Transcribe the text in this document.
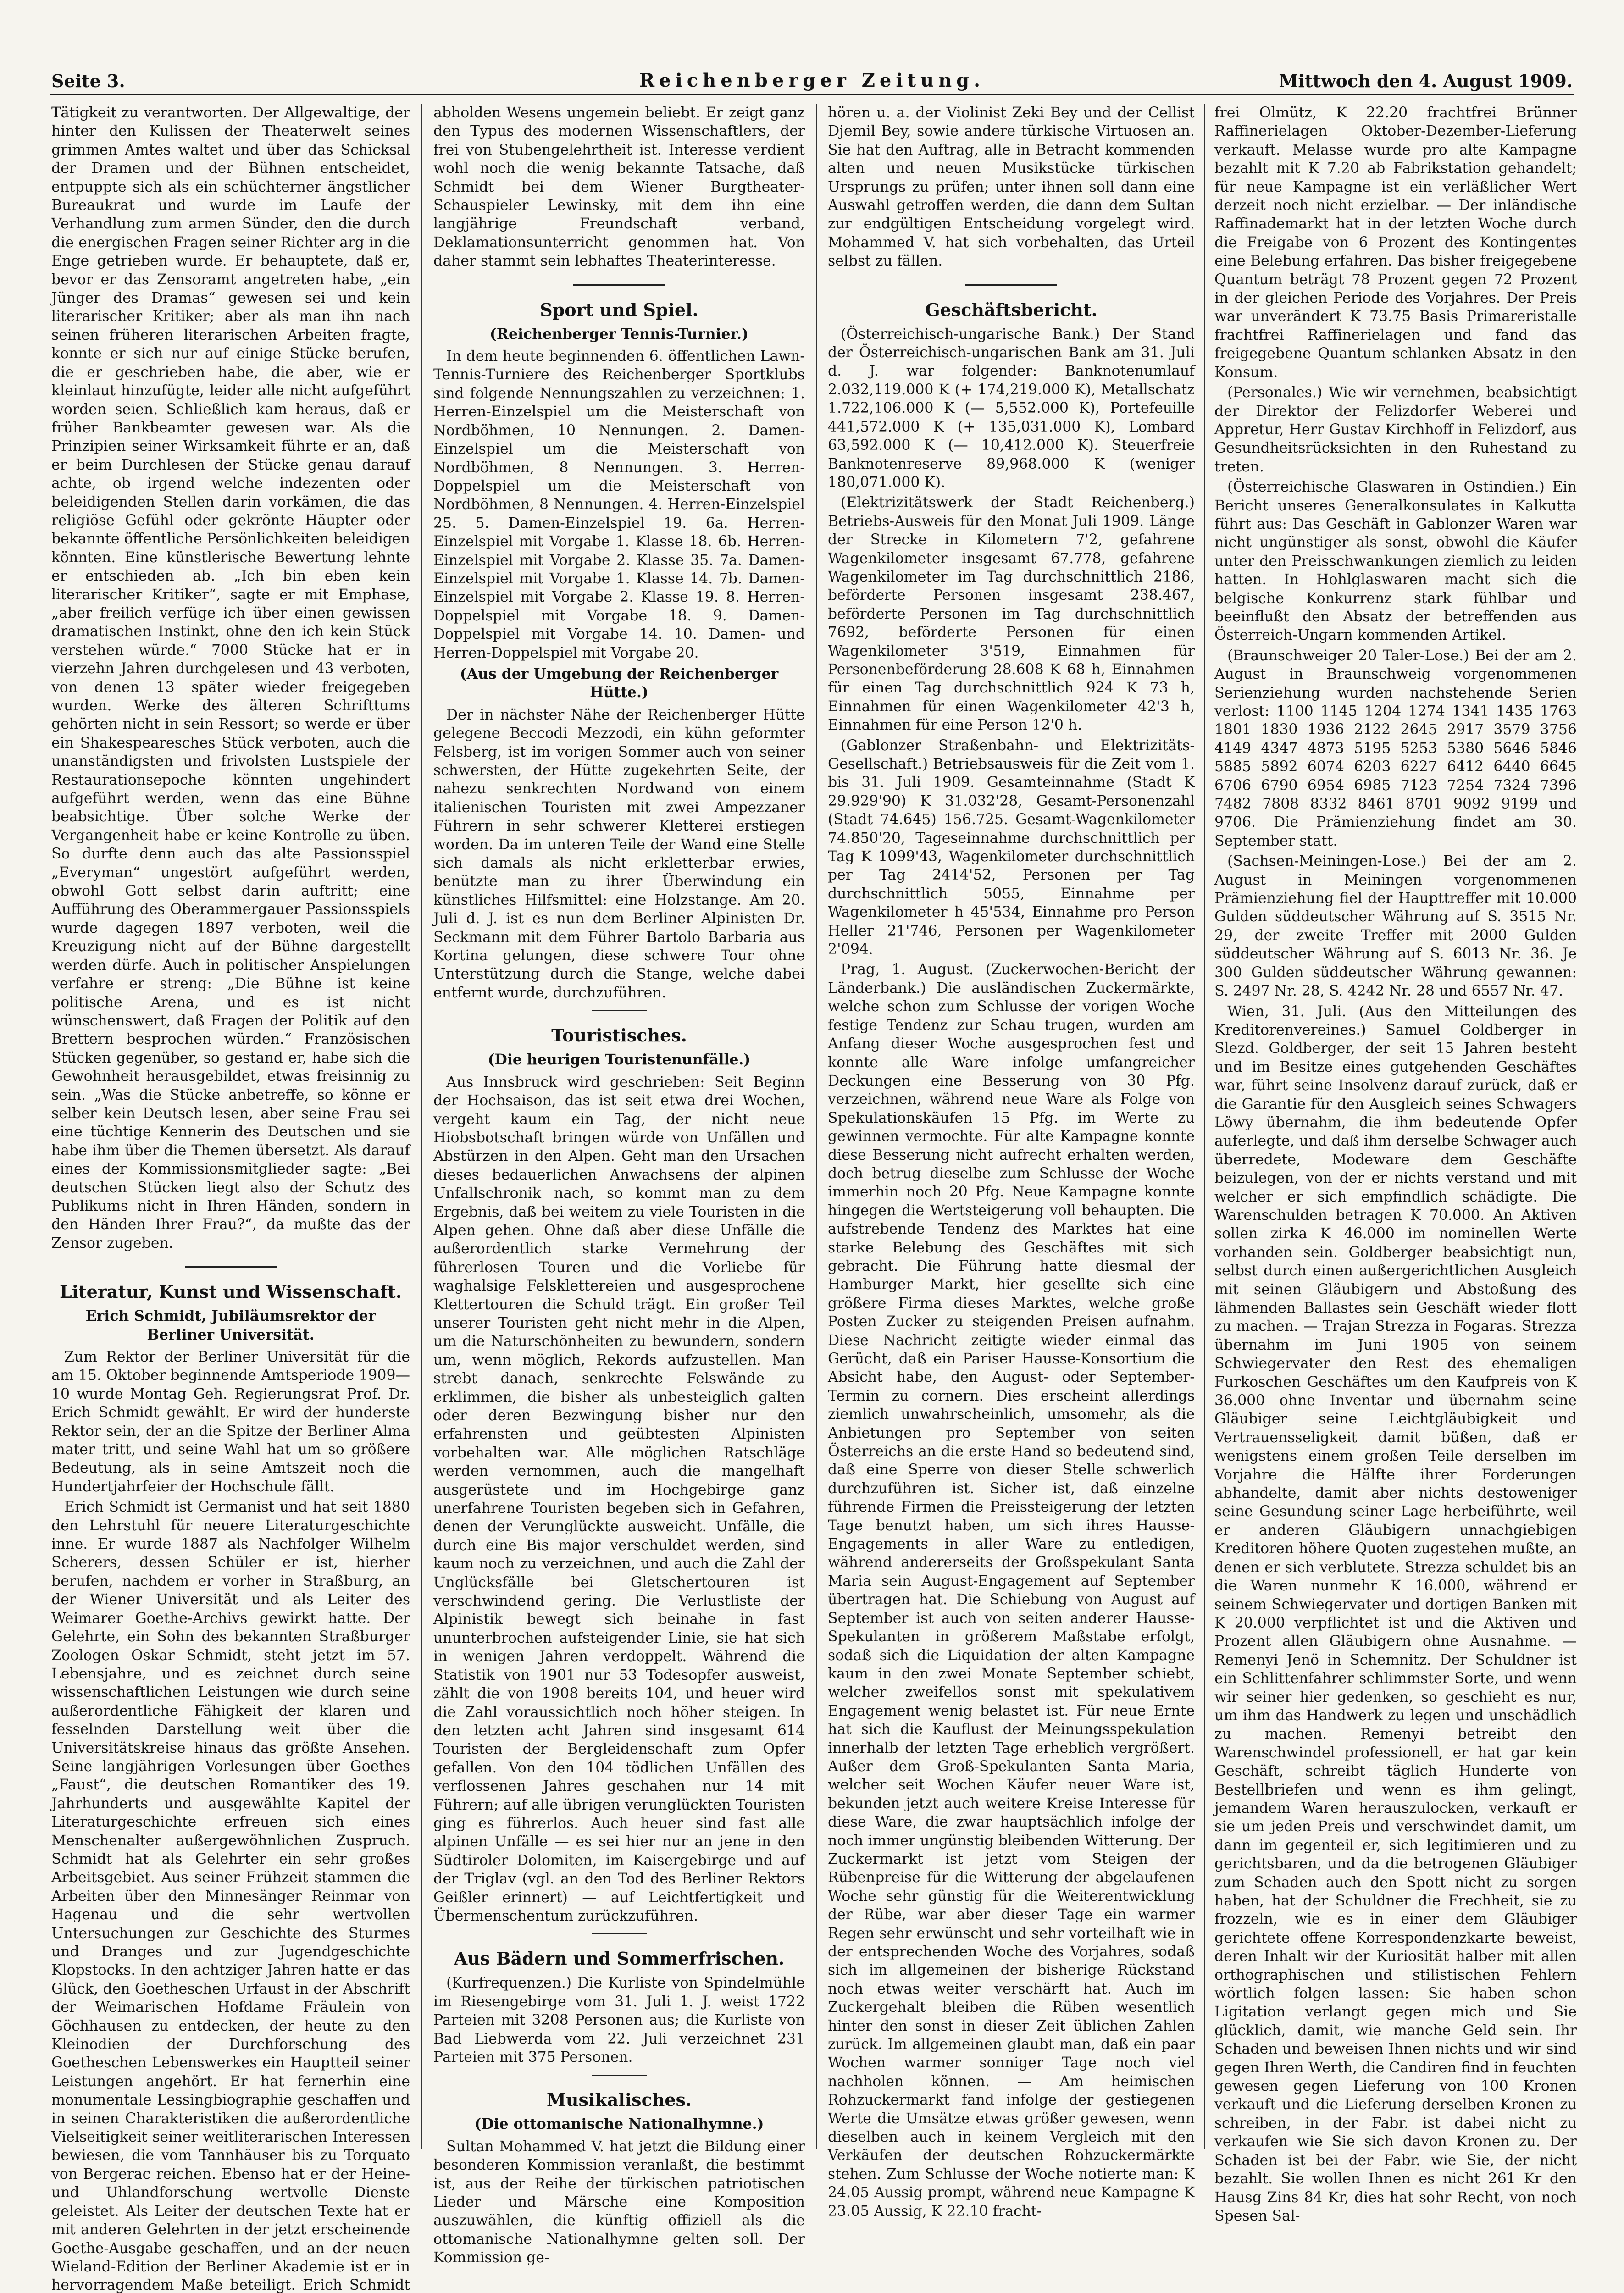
Seite 3.	Reichenberger Zeitung.	Mittwoch den 4. August 1909.

Tätigkeit zu verantworten. Der Allgewaltige, der hinter den Kulissen der Theaterwelt seines grimmen Amtes waltet und über das Schicksal der Dramen und der Bühnen entscheidet, entpuppte sich als ein schüchterner ängstlicher Bureaukrat und wurde im Laufe der Verhandlung zum armen Sünder, den die durch die energischen Fragen seiner Richter arg in die Enge getrieben wurde. Er behauptete, daß er, bevor er das Zensoramt angetreten habe, „ein Jünger des Dramas“ gewesen sei und kein literarischer Kritiker; aber als man ihn nach seinen früheren literarischen Arbeiten fragte, konnte er sich nur auf einige Stücke berufen, die er geschrieben habe, die aber, wie er kleinlaut hinzufügte, leider alle nicht aufgeführt worden seien. Schließlich kam heraus, daß er früher Bankbeamter gewesen war. Als die Prinzipien seiner Wirksamkeit führte er an, daß er beim Durchlesen der Stücke genau darauf achte, ob irgend welche indezenten oder beleidigenden Stellen darin vorkämen, die das religiöse Gefühl oder gekrönte Häupter oder bekannte öffentliche Persönlichkeiten beleidigen könnten. Eine künstlerische Bewertung lehnte er entschieden ab. „Ich bin eben kein literarischer Kritiker“, sagte er mit Emphase, „aber freilich verfüge ich über einen gewissen dramatischen Instinkt, ohne den ich kein Stück verstehen würde.“ 7000 Stücke hat er in vierzehn Jahren durchgelesen und 43 verboten, von denen 13 später wieder freigegeben wurden. Werke des älteren Schrifttums gehörten nicht in sein Ressort; so werde er über ein Shakespearesches Stück verboten, auch die unanständigsten und frivolsten Lustspiele der Restaurationsepoche könnten ungehindert aufgeführt werden, wenn das eine Bühne beabsichtige. Über solche Werke der Vergangenheit habe er keine Kontrolle zu üben. So durfte denn auch das alte Passionsspiel „Everyman“ ungestört aufgeführt werden, obwohl Gott selbst darin auftritt; eine Aufführung des Oberammergauer Passionsspiels wurde dagegen 1897 verboten, weil die Kreuzigung nicht auf der Bühne dargestellt werden dürfe. Auch in politischer Anspielungen verfahre er streng: „Die Bühne ist keine politische Arena, und es ist nicht wünschenswert, daß Fragen der Politik auf den Brettern besprochen würden.“ Französischen Stücken gegenüber, so gestand er, habe sich die Gewohnheit herausgebildet, etwas freisinnig zu sein. „Was die Stücke anbetreffe, so könne er selber kein Deutsch lesen, aber seine Frau sei eine tüchtige Kennerin des Deutschen und sie habe ihm über die Themen übersetzt. Als darauf eines der Kommissionsmitglieder sagte: „Bei deutschen Stücken liegt also der Schutz des Publikums nicht in Ihren Händen, sondern in den Händen Ihrer Frau?“, da mußte das der Zensor zugeben.

Literatur, Kunst und Wissenschaft.
Erich Schmidt, Jubiläumsrektor der Berliner Universität.

Zum Rektor der Berliner Universität für die am 15. Oktober beginnende Amtsperiode 1909—10 wurde Montag Geh. Regierungsrat Prof. Dr. Erich Schmidt gewählt. Er wird der hunderste Rektor sein, der an die Spitze der Berliner Alma mater tritt, und seine Wahl hat um so größere Bedeutung, als in seine Amtszeit noch die Hundertjahrfeier der Hochschule fällt.

Erich Schmidt ist Germanist und hat seit 1880 den Lehrstuhl für neuere Literaturgeschichte inne. Er wurde 1887 als Nachfolger Wilhelm Scherers, dessen Schüler er ist, hierher berufen, nachdem er vorher in Straßburg, an der Wiener Universität und als Leiter des Weimarer Goethe-Archivs gewirkt hatte. Der Gelehrte, ein Sohn des bekannten Straßburger Zoologen Oskar Schmidt, steht jetzt im 57. Lebensjahre, und es zeichnet durch seine wissenschaftlichen Leistungen wie durch seine außerordentliche Fähigkeit der klaren und fesselnden Darstellung weit über die Universitätskreise hinaus das größte Ansehen. Seine langjährigen Vorlesungen über Goethes „Faust“, die deutschen Romantiker des 19. Jahrhunderts und ausgewählte Kapitel der Literaturgeschichte erfreuen sich eines Menschenalter außergewöhnlichen Zuspruch. Schmidt hat als Gelehrter ein sehr großes Arbeitsgebiet. Aus seiner Frühzeit stammen die Arbeiten über den Minnesänger Reinmar von Hagenau und die sehr wertvollen Untersuchungen zur Geschichte des Sturmes und Dranges und zur Jugendgeschichte Klopstocks. In den achtziger Jahren hatte er das Glück, den Goetheschen Urfaust in der Abschrift der Weimarischen Hofdame Fräulein von Göchhausen zu entdecken, der heute zu den Kleinodien der Durchforschung des Goetheschen Lebenswerkes ein Hauptteil seiner Leistungen angehört. Er hat fernerhin eine monumentale Lessingbiographie geschaffen und in seinen Charakteristiken die außerordentliche Vielseitigkeit seiner weitliterarischen Interessen bewiesen, die vom Tannhäuser bis zu Torquato von Bergerac reichen. Ebenso hat er der Heine- und Uhlandforschung wertvolle Dienste geleistet. Als Leiter der deutschen Texte hat er mit anderen Gelehrten in der jetzt erscheinende Goethe-Ausgabe geschaffen, und an der neuen Wieland-Edition der Berliner Akademie ist er in hervorragendem Maße beteiligt. Erich Schmidt

abholden Wesens ungemein beliebt. Er zeigt ganz den Typus des modernen Wissenschaftlers, der frei von Stubengelehrtheit ist. Interesse verdient wohl noch die wenig bekannte Tatsache, daß Schmidt bei dem Wiener Burgtheater-Schauspieler Lewinsky, mit dem ihn eine langjährige Freundschaft verband, Deklamationsunterricht genommen hat. Von daher stammt sein lebhaftes Theaterinteresse.

Sport und Spiel.
(Reichenberger Tennis-Turnier.)

In dem heute beginnenden 6. öffentlichen Lawn-Tennis-Turniere des Reichenberger Sportklubs sind folgende Nennungszahlen zu verzeichnen: 1. Herren-Einzelspiel um die Meisterschaft von Nordböhmen, 10 Nennungen. 2. Damen-Einzelspiel um die Meisterschaft von Nordböhmen, 8 Nennungen. 3. Herren-Doppelspiel um die Meisterschaft von Nordböhmen, 8 Nennungen. 4. Herren-Einzelspiel 25. 5. Damen-Einzelspiel 19. 6a. Herren-Einzelspiel mit Vorgabe 1. Klasse 18. 6b. Herren-Einzelspiel mit Vorgabe 2. Klasse 35. 7a. Damen-Einzelspiel mit Vorgabe 1. Klasse 14. 7b. Damen-Einzelspiel mit Vorgabe 2. Klasse 19. 8. Herren-Doppelspiel mit Vorgabe 18. 9. Damen-Doppelspiel mit Vorgabe 14. 10. Damen- und Herren-Doppelspiel mit Vorgabe 20.

(Aus der Umgebung der Reichenberger Hütte.)

Der in nächster Nähe der Reichenberger Hütte gelegene Beccodi Mezzodi, ein kühn geformter Felsberg, ist im vorigen Sommer auch von seiner schwersten, der Hütte zugekehrten Seite, der nahezu senkrechten Nordwand von einem italienischen Touristen mit zwei Ampezzaner Führern in sehr schwerer Kletterei erstiegen worden. Da im unteren Teile der Wand eine Stelle sich damals als nicht erkletterbar erwies, benützte man zu ihrer Überwindung ein künstliches Hilfsmittel: eine Holzstange. Am 20. Juli d. J. ist es nun dem Berliner Alpinisten Dr. Seckmann mit dem Führer Bartolo Barbaria aus Kortina gelungen, diese schwere Tour ohne Unterstützung durch die Stange, welche dabei entfernt wurde, durchzuführen.

Touristisches.
(Die heurigen Touristenunfälle.)

Aus Innsbruck wird geschrieben: Seit Beginn der Hochsaison, das ist seit etwa drei Wochen, vergeht kaum ein Tag, der nicht neue Hiobsbotschaft bringen würde von Unfällen und Abstürzen in den Alpen. Geht man den Ursachen dieses bedauerlichen Anwachsens der alpinen Unfallschronik nach, so kommt man zu dem Ergebnis, daß bei weitem zu viele Touristen in die Alpen gehen. Ohne daß aber diese Unfälle die außerordentlich starke Vermehrung der führerlosen Touren und die Vorliebe für waghalsige Felsklettereien und ausgesprochene Klettertouren die Schuld trägt. Ein großer Teil unserer Touristen geht nicht mehr in die Alpen, um die Naturschönheiten zu bewundern, sondern um, wenn möglich, Rekords aufzustellen. Man strebt danach, senkrechte Felswände zu erklimmen, die bisher als unbesteiglich galten oder deren Bezwingung bisher nur den erfahrensten und geübtesten Alpinisten vorbehalten war. Alle möglichen Ratschläge werden vernommen, auch die mangelhaft ausgerüstete und im Hochgebirge ganz unerfahrene Touristen begeben sich in Gefahren, denen der Verunglückte ausweicht. Unfälle, die durch eine Bis major verschuldet werden, sind kaum noch zu verzeichnen, und auch die Zahl der Unglücksfälle bei Gletschertouren ist verschwindend gering. Die Verlustliste der Alpinistik bewegt sich beinahe in fast ununterbrochen aufsteigender Linie, sie hat sich in wenigen Jahren verdoppelt. Während die Statistik von 1901 nur 53 Todesopfer ausweist, zählt die von 1908 bereits 104, und heuer wird die Zahl voraussichtlich noch höher steigen. In den letzten acht Jahren sind insgesamt 614 Touristen der Bergleidenschaft zum Opfer gefallen. Von den 104 tödlichen Unfällen des verflossenen Jahres geschahen nur 14 mit Führern; auf alle übrigen verunglückten Touristen ging es führerlos. Auch heuer sind fast alle alpinen Unfälle — es sei hier nur an jene in den Südtiroler Dolomiten, im Kaisergebirge und auf der Triglav (vgl. an den Tod des Berliner Rektors Geißler erinnert) — auf Leichtfertigkeit und Übermenschentum zurückzuführen.

Aus Bädern und Sommerfrischen.

(Kurfrequenzen.) Die Kurliste von Spindelmühle im Riesengebirge vom 31. Juli 1. J. weist 1722 Parteien mit 3208 Personen aus; die Kurliste von Bad Liebwerda vom 22. Juli verzeichnet 231 Parteien mit 375 Personen.

Musikalisches.
(Die ottomanische Nationalhymne.)

Sultan Mohammed V. hat jetzt die Bildung einer besonderen Kommission veranlaßt, die bestimmt ist, aus der Reihe der türkischen patriotischen Lieder und Märsche eine Komposition auszuwählen, die künftig offiziell als die ottomanische Nationalhymne gelten soll. Der Kommission ge-

hören u. a. der Violinist Zeki Bey und der Cellist Djemil Bey, sowie andere türkische Virtuosen an. Sie hat den Auftrag, alle in Betracht kommenden alten und neuen Musikstücke türkischen Ursprungs zu prüfen; unter ihnen soll dann eine Auswahl getroffen werden, die dann dem Sultan zur endgültigen Entscheidung vorgelegt wird. Mohammed V. hat sich vorbehalten, das Urteil selbst zu fällen.

Geschäftsbericht.

(Österreichisch-ungarische Bank.) Der Stand der Österreichisch-ungarischen Bank am 31. Juli d. J. war folgender: Banknotenumlauf 2.032,119.000 K (+ 174,219.000 K), Metallschatz 1.722,106.000 K (— 5,552.000 K), Portefeuille 441,572.000 K (+ 135,031.000 K), Lombard 63,592.000 K (— 10,412.000 K). Steuerfreie Banknotenreserve 89,968.000 K (weniger 180,071.000 K).

(Elektrizitätswerk der Stadt Reichenberg.) Betriebs-Ausweis für den Monat Juli 1909. Länge der Strecke in Kilometern 7'2, gefahrene Wagenkilometer insgesamt 67.778, gefahrene Wagenkilometer im Tag durchschnittlich 2186, beförderte Personen insgesamt 238.467, beförderte Personen im Tag durchschnittlich 7692, beförderte Personen für einen Wagenkilometer 3'519, Einnahmen für Personenbeförderung 28.608 K 68 h, Einnahmen für einen Tag durchschnittlich 924 K 73 h, Einnahmen für einen Wagenkilometer 42'3 h, Einnahmen für eine Person 12'0 h.

(Gablonzer Straßenbahn- und Elektrizitäts-Gesellschaft.) Betriebsausweis für die Zeit vom 1. bis 31. Juli 1909. Gesamteinnahme (Stadt K 29.929'90) K 31.032'28, Gesamt-Personenzahl (Stadt 74.645) 156.725. Gesamt-Wagenkilometer 74.850'20, Tageseinnahme durchschnittlich per Tag K 1099'43, Wagenkilometer durchschnittlich per Tag 2414'52, Personen per Tag durchschnittlich 5055, Einnahme per Wagenkilometer h 45'534, Einnahme pro Person Heller 21'746, Personen per Wagenkilometer 2'094.

Prag, 1. August. (Zuckerwochen-Bericht der Länderbank.) Die ausländischen Zuckermärkte, welche schon zum Schlusse der vorigen Woche festige Tendenz zur Schau trugen, wurden am Anfang dieser Woche ausgesprochen fest und konnte alle Ware infolge umfangreicher Deckungen eine Besserung von 30 Pfg. verzeichnen, während neue Ware als Folge von Spekulationskäufen 15 Pfg. im Werte zu gewinnen vermochte. Für alte Kampagne konnte diese Besserung nicht aufrecht erhalten werden, doch betrug dieselbe zum Schlusse der Woche immerhin noch 20 Pfg. Neue Kampagne konnte hingegen die Wertsteigerung voll behaupten. Die aufstrebende Tendenz des Marktes hat eine starke Belebung des Geschäftes mit sich gebracht. Die Führung hatte diesmal der Hamburger Markt, hier gesellte sich eine größere Firma dieses Marktes, welche große Posten Zucker zu steigenden Preisen aufnahm. Diese Nachricht zeitigte wieder einmal das Gerücht, daß ein Pariser Hausse-Konsortium die Absicht habe, den August- oder September-Termin zu cornern. Dies erscheint allerdings ziemlich unwahrscheinlich, umsomehr, als die Anbietungen pro September von seiten Österreichs an die erste Hand so bedeutend sind, daß eine Sperre von dieser Stelle schwerlich durchzuführen ist. Sicher ist, daß einzelne führende Firmen die Preissteigerung der letzten Tage benutzt haben, um sich ihres Hausse-Engagements in aller Ware zu entledigen, während andererseits der Großspekulant Santa Maria sein August-Engagement auf September übertragen hat. Die Schiebung von August auf September ist auch von seiten anderer Hausse-Spekulanten in größerem Maßstabe erfolgt, sodaß sich die Liquidation der alten Kampagne kaum in den zwei Monate September schiebt, welcher zweifellos sonst mit spekulativem Engagement wenig belastet ist. Für neue Ernte hat sich die Kauflust der Meinungsspekulation innerhalb der letzten Tage erheblich vergrößert. Außer dem Groß-Spekulanten Santa Maria, welcher seit Wochen Käufer neuer Ware ist, bekunden jetzt auch weitere Kreise Interesse für diese Ware, die zwar hauptsächlich infolge der noch immer ungünstig bleibenden Witterung. Der Zuckermarkt ist jetzt vom Steigen der Rübenpreise für die Witterung der abgelaufenen Woche sehr günstig für die Weiterentwicklung der Rübe, war aber dieser Tage ein warmer Regen sehr erwünscht und sehr vorteilhaft wie in der entsprechenden Woche des Vorjahres, sodaß sich im allgemeinen der bisherige Rückstand noch etwas weiter verschärft hat. Auch im Zuckergehalt bleiben die Rüben wesentlich hinter den sonst in dieser Zeit üblichen Zahlen zurück. Im allgemeinen glaubt man, daß ein paar Wochen warmer sonniger Tage noch viel nachholen können. — Am heimischen Rohzuckermarkt fand infolge der gestiegenen Werte die Umsätze etwas größer gewesen, wenn dieselben auch in keinem Vergleich mit den Verkäufen der deutschen Rohzuckermärkte stehen. Zum Schlusse der Woche notierte man: K 24.05 Aussig prompt, während neue Kampagne K 23.05 Aussig, K 22.10 fracht-

frei Olmütz, K 22.20 frachtfrei Brünner Raffinerielagen Oktober-Dezember-Lieferung verkauft. Melasse wurde pro alte Kampagne bezahlt mit K 7.20 ab Fabrikstation gehandelt; für neue Kampagne ist ein verläßlicher Wert derzeit noch nicht erzielbar. — Der inländische Raffinademarkt hat in der letzten Woche durch die Freigabe von 6 Prozent des Kontingentes eine Belebung erfahren. Das bisher freigegebene Quantum beträgt 78 Prozent gegen 72 Prozent in der gleichen Periode des Vorjahres. Der Preis war unverändert K 73.75 Basis Primareristalle frachtfrei Raffinerielagen und fand das freigegebene Quantum schlanken Absatz in den Konsum.

(Personales.) Wie wir vernehmen, beabsichtigt der Direktor der Felizdorfer Weberei und Appretur, Herr Gustav Kirchhoff in Felizdorf, aus Gesundheitsrücksichten in den Ruhestand zu treten.

(Österreichische Glaswaren in Ostindien.) Ein Bericht unseres Generalkonsulates in Kalkutta führt aus: Das Geschäft in Gablonzer Waren war nicht ungünstiger als sonst, obwohl die Käufer unter den Preisschwankungen ziemlich zu leiden hatten. In Hohlglaswaren macht sich die belgische Konkurrenz stark fühlbar und beeinflußt den Absatz der betreffenden aus Österreich-Ungarn kommenden Artikel.

(Braunschweiger 20 Taler-Lose.) Bei der am 2. August in Braunschweig vorgenommenen Serienziehung wurden nachstehende Serien verlost: 1100 1145 1204 1274 1341 1435 1763 1801 1830 1936 2122 2645 2917 3579 3756 4149 4347 4873 5195 5253 5380 5646 5846 5885 5892 6074 6203 6227 6412 6440 6645 6706 6790 6954 6985 7123 7254 7324 7396 7482 7808 8332 8461 8701 9092 9199 und 9706. Die Prämienziehung findet am 30. September statt.

(Sachsen-Meiningen-Lose.) Bei der am 2. August in Meiningen vorgenommenen Prämienziehung fiel der Haupttreffer mit 10.000 Gulden süddeutscher Währung auf S. 3515 Nr. 29, der zweite Treffer mit 2000 Gulden süddeutscher Währung auf S. 6013 Nr. 36. Je 300 Gulden süddeutscher Währung gewannen: S. 2497 Nr. 28, S. 4242 Nr. 28 und 6557 Nr. 47.

Wien, 31. Juli. (Aus den Mitteilungen des Kreditorenvereines.) Samuel Goldberger in Slezd. Goldberger, der seit 15 Jahren besteht und im Besitze eines gutgehenden Geschäftes war, führt seine Insolvenz darauf zurück, daß er die Garantie für den Ausgleich seines Schwagers Löwy übernahm, die ihm bedeutende Opfer auferlegte, und daß ihm derselbe Schwager auch überredete, Modeware dem Geschäfte beizulegen, von der er nichts verstand und mit welcher er sich empfindlich schädigte. Die Warenschulden betragen K 70.000. An Aktiven sollen zirka K 46.000 im nominellen Werte vorhanden sein. Goldberger beabsichtigt nun, selbst durch einen außergerichtlichen Ausgleich mit seinen Gläubigern und Abstoßung des lähmenden Ballastes sein Geschäft wieder flott zu machen. — Trajan Strezza in Fogaras. Strezza übernahm im Juni 1905 von seinem Schwiegervater den Rest des ehemaligen Furkoschen Geschäftes um den Kaufpreis von K 36.000 ohne Inventar und übernahm seine Gläubiger seine Leichtgläubigkeit und Vertrauensseligkeit damit büßen, daß er wenigstens einem großen Teile derselben im Vorjahre die Hälfte ihrer Forderungen abhandelte, damit aber nichts destoweniger seine Gesundung seiner Lage herbeiführte, weil er anderen Gläubigern unnachgiebigen Kreditoren höhere Quoten zugestehen mußte, an denen er sich verblutete. Strezza schuldet bis an die Waren nunmehr K 16.000, während er seinem Schwiegervater und dortigen Banken mit K 20.000 verpflichtet ist und die Aktiven und Prozent allen Gläubigern ohne Ausnahme. — Remenyi Jenö in Schemnitz. Der Schuldner ist ein Schlittenfahrer schlimmster Sorte, und wenn wir seiner hier gedenken, so geschieht es nur, um ihm das Handwerk zu legen und unschädlich zu machen. Remenyi betreibt den Warenschwindel professionell, er hat gar kein Geschäft, schreibt täglich Hunderte von Bestellbriefen und wenn es ihm gelingt, jemandem Waren herauszulocken, verkauft er sie um jeden Preis und verschwindet damit, um dann im gegenteil er, sich legitimieren und zu gerichtsbaren, und da die betrogenen Gläubiger zum Schaden auch den Spott nicht zu sorgen haben, hat der Schuldner die Frechheit, sie zu frozzeln, wie es in einer dem Gläubiger gerichtete offene Korrespondenzkarte beweist, deren Inhalt wir der Kuriosität halber mit allen orthographischen und stilistischen Fehlern wörtlich folgen lassen: Sie haben schon Ligitation verlangt gegen mich und Sie glücklich, damit, wie manche Geld sein. Ihr Schaden und beweisen Ihnen nichts und wir sind gegen Ihren Werth, die Candiren find in feuchten gewesen gegen Lieferung von 100 Kronen verkauft und die Lieferung derselben Kronen zu schreiben, in der Fabr. ist dabei nicht zu verkaufen wie Sie sich davon Kronen zu. Der Schaden ist bei der Fabr. wie Sie, der nicht bezahlt. Sie wollen Ihnen es nicht 261 Kr den Hausg Zins 84 Kr, dies hat sohr Recht, von noch Spesen Sal-
